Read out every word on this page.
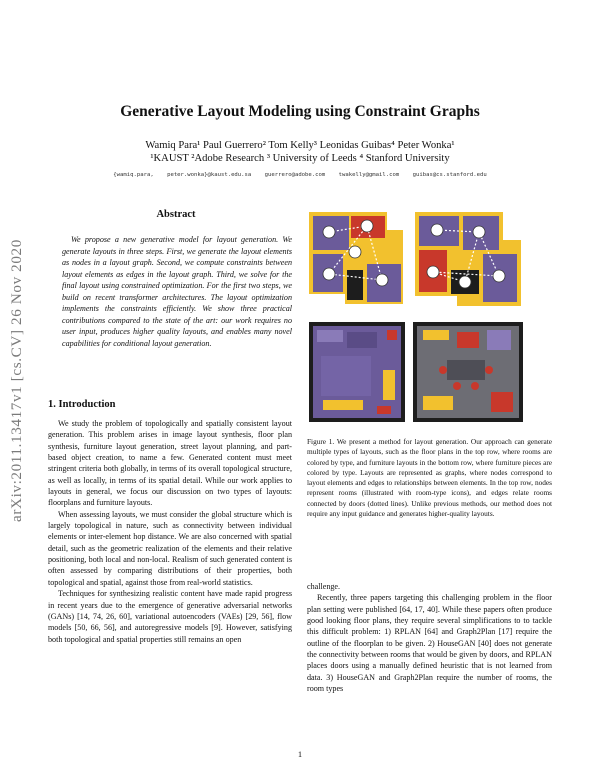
Generative Layout Modeling using Constraint Graphs
Wamiq Para¹ Paul Guerrero² Tom Kelly³ Leonidas Guibas⁴ Peter Wonka¹
¹KAUST ²Adobe Research ³ University of Leeds ⁴ Stanford University
{wamiq.para, peter.wonka}@kaust.edu.sa guerrero@adobe.com twakelly@gmail.com guibas@cs.stanford.edu
arXiv:2011.13417v1 [cs.CV] 26 Nov 2020
Abstract
We propose a new generative model for layout generation. We generate layouts in three steps. First, we generate the layout elements as nodes in a layout graph. Second, we compute constraints between layout elements as edges in the layout graph. Third, we solve for the final layout using constrained optimization. For the first two steps, we build on recent transformer architectures. The layout optimization implements the constraints efficiently. We show three practical contributions compared to the state of the art: our work requires no user input, produces higher quality layouts, and enables many novel capabilities for conditional layout generation.
1. Introduction

We study the problem of topologically and spatially consistent layout generation. This problem arises in image layout synthesis, floor plan synthesis, furniture layout generation, street layout planning, and part-based object creation, to name a few. Generated content must meet stringent criteria both globally, in terms of its overall topological structure, as well as locally, in terms of its spatial detail. While our work applies to layouts in general, we focus our discussion on two types of layouts: floorplans and furniture layouts.

When assessing layouts, we must consider the global structure which is largely topological in nature, such as connectivity between individual elements or inter-element hop distance. We are also concerned with spatial detail, such as the geometric realization of the elements and their relative positioning, both local and non-local. Realism of such generated content is often assessed by comparing distributions of their properties, both topological and spatial, against those from real-world statistics.

Techniques for synthesizing realistic content have made rapid progress in recent years due to the emergence of generative adversarial networks (GANs) [14, 74, 26, 60], variational autoencoders (VAEs) [29, 56], flow models [50, 66, 56], and autoregressive models [9]. However, satisfying both topological and spatial properties still remains an open

Figure 1. We present a method for layout generation. Our approach can generate multiple types of layouts, such as the floor plans in the top row, where rooms are colored by type, and furniture layouts in the bottom row, where furniture pieces are colored by type. Layouts are represented as graphs, where nodes correspond to layout elements and edges to relationships between elements. In the top row, nodes represent rooms (illustrated with room-type icons), and edges relate rooms connected by doors (dotted lines). Unlike previous methods, our method does not require any input guidance and generates higher-quality layouts.

challenge.

Recently, three papers targeting this challenging problem in the floor plan setting were published [64, 17, 40]. While these papers often produce good looking floor plans, they require several simplifications to to tackle this difficult problem: 1) RPLAN [64] and Graph2Plan [17] require the outline of the floorplan to be given. 2) HouseGAN [40] does not generate the connectivity between rooms that would be given by doors, and RPLAN places doors using a manually defined heuristic that is not learned from data. 3) HouseGAN and Graph2Plan require the number of rooms, the room types

1
